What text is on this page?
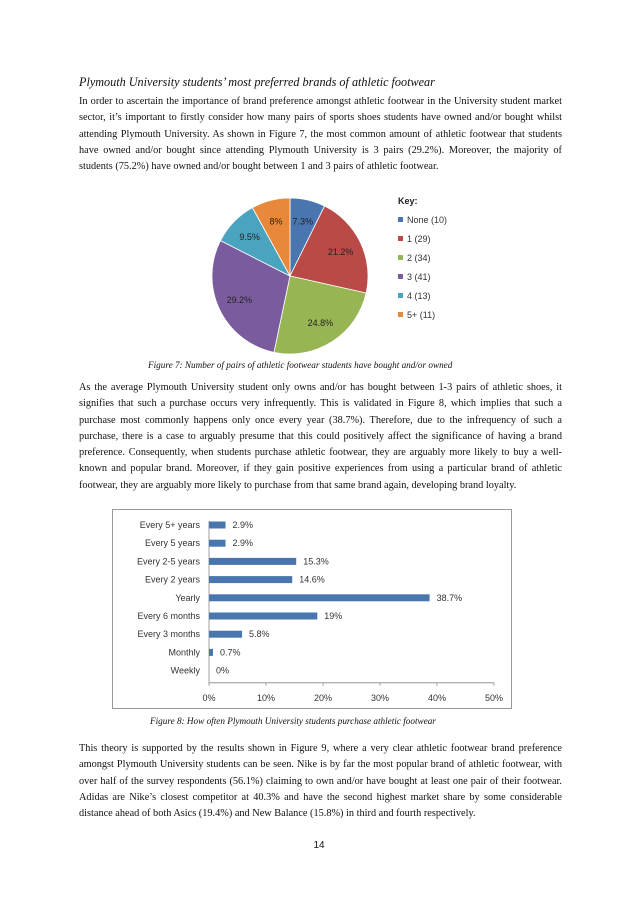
Plymouth University students’ most preferred brands of athletic footwear

In order to ascertain the importance of brand preference amongst athletic footwear in the University student market sector, it’s important to firstly consider how many pairs of sports shoes students have owned and/or bought whilst attending Plymouth University. As shown in Figure 7, the most common amount of athletic footwear that students have owned and/or bought since attending Plymouth University is 3 pairs (29.2%). Moreover, the majority of students (75.2%) have owned and/or bought between 1 and 3 pairs of athletic footwear.

7.3%
21.2%
24.8%
29.2%
9.5%
8%
Key:
None (10)
1 (29)
2 (34)
3 (41)
4 (13)
5+ (11)
Figure 7: Number of pairs of athletic footwear students have bought and/or owned

As the average Plymouth University student only owns and/or has bought between 1-3 pairs of athletic shoes, it signifies that such a purchase occurs very infrequently. This is validated in Figure 8, which implies that such a purchase most commonly happens only once every year (38.7%). Therefore, due to the infrequency of such a purchase, there is a case to arguably presume that this could positively affect the significance of having a brand preference. Consequently, when students purchase athletic footwear, they are arguably more likely to buy a well-known and popular brand. Moreover, if they gain positive experiences from using a particular brand of athletic footwear, they are arguably more likely to purchase from that same brand again, developing brand loyalty.

0%	10%	20%	30%	40%	50%
Every 5+ years	2.9%
Every 5 years	2.9%
Every 2-5 years	15.3%
Every 2 years	14.6%
Yearly	38.7%
Every 6 months	19%
Every 3 months	5.8%
Monthly 0.7%
Weekly 0%
Figure 8: How often Plymouth University students purchase athletic footwear

This theory is supported by the results shown in Figure 9, where a very clear athletic footwear brand preference amongst Plymouth University students can be seen. Nike is by far the most popular brand of athletic footwear, with over half of the survey respondents (56.1%) claiming to own and/or have bought at least one pair of their footwear. Adidas are Nike’s closest competitor at 40.3% and have the second highest market share by some considerable distance ahead of both Asics (19.4%) and New Balance (15.8%) in third and fourth respectively.

14
